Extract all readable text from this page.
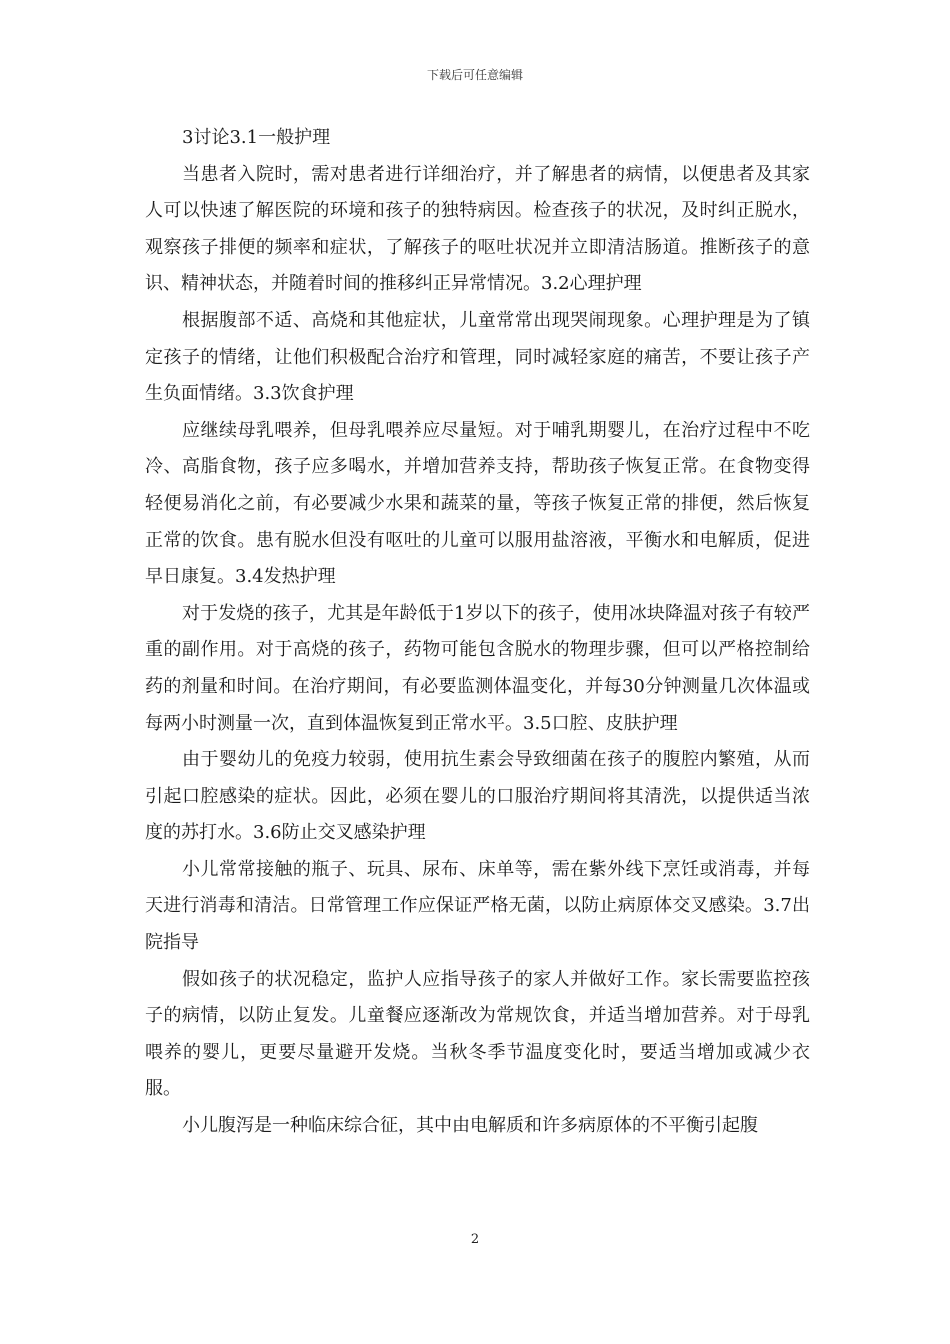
下载后可任意编辑

3讨论3.1一般护理

当患者入院时，需对患者进行详细治疗，并了解患者的病情，以便患者及其家人可以快速了解医院的环境和孩子的独特病因。检查孩子的状况，及时纠正脱水，观察孩子排便的频率和症状，了解孩子的呕吐状况并立即清洁肠道。推断孩子的意识、精神状态，并随着时间的推移纠正异常情况。3.2心理护理

根据腹部不适、高烧和其他症状，儿童常常出现哭闹现象。心理护理是为了镇定孩子的情绪，让他们积极配合治疗和管理，同时减轻家庭的痛苦，不要让孩子产生负面情绪。3.3饮食护理

应继续母乳喂养，但母乳喂养应尽量短。对于哺乳期婴儿，在治疗过程中不吃冷、高脂食物，孩子应多喝水，并增加营养支持，帮助孩子恢复正常。在食物变得轻便易消化之前，有必要减少水果和蔬菜的量，等孩子恢复正常的排便，然后恢复正常的饮食。患有脱水但没有呕吐的儿童可以服用盐溶液，平衡水和电解质，促进早日康复。3.4发热护理

对于发烧的孩子，尤其是年龄低于1岁以下的孩子，使用冰块降温对孩子有较严重的副作用。对于高烧的孩子，药物可能包含脱水的物理步骤，但可以严格控制给药的剂量和时间。在治疗期间，有必要监测体温变化，并每30分钟测量几次体温或每两小时测量一次，直到体温恢复到正常水平。3.5口腔、皮肤护理

由于婴幼儿的免疫力较弱，使用抗生素会导致细菌在孩子的腹腔内繁殖，从而引起口腔感染的症状。因此，必须在婴儿的口服治疗期间将其清洗，以提供适当浓度的苏打水。3.6防止交叉感染护理

小儿常常接触的瓶子、玩具、尿布、床单等，需在紫外线下烹饪或消毒，并每天进行消毒和清洁。日常管理工作应保证严格无菌，以防止病原体交叉感染。3.7出院指导

假如孩子的状况稳定，监护人应指导孩子的家人并做好工作。家长需要监控孩子的病情，以防止复发。儿童餐应逐渐改为常规饮食，并适当增加营养。对于母乳喂养的婴儿，更要尽量避开发烧。当秋冬季节温度变化时，要适当增加或减少衣服。

小儿腹泻是一种临床综合征，其中由电解质和许多病原体的不平衡引起腹

2
